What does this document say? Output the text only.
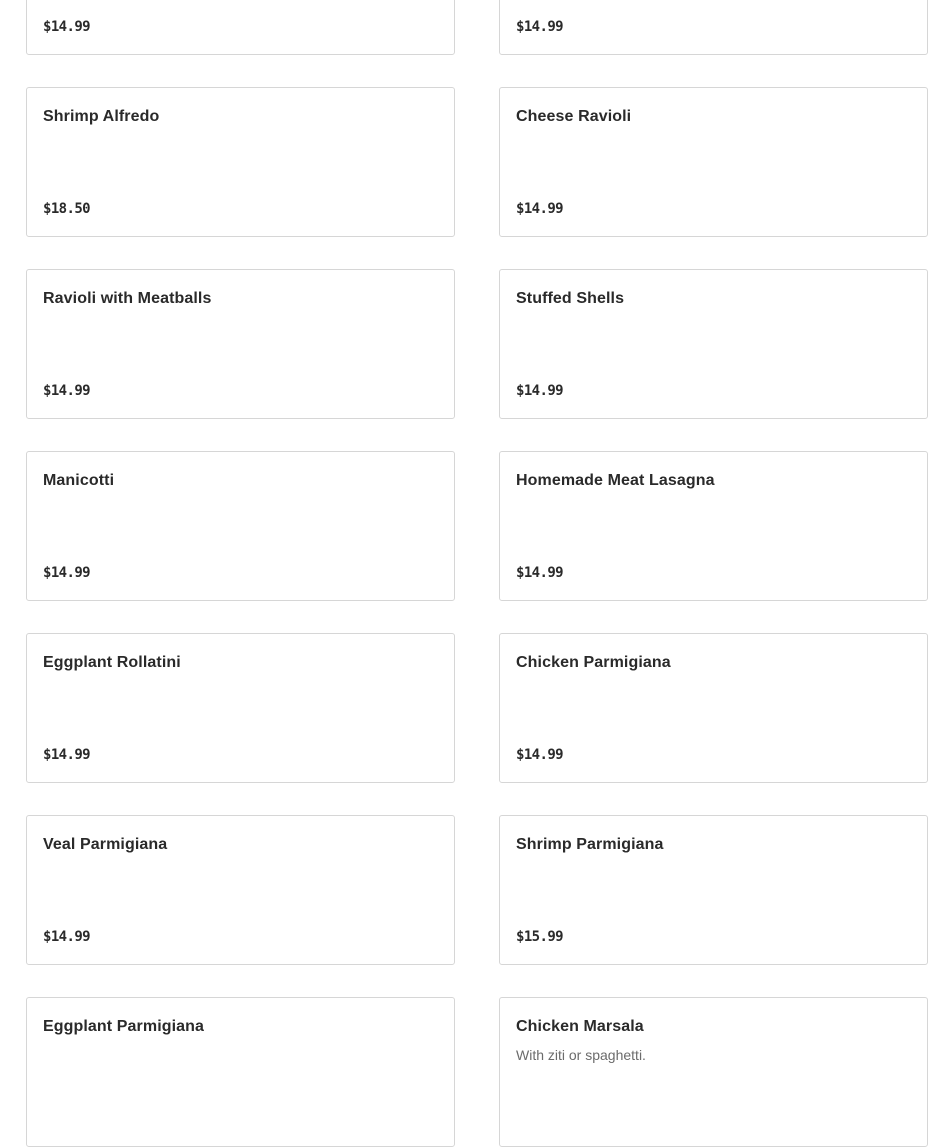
$14.99	$14.99
Shrimp Alfredo
$18.50
Cheese Ravioli
$14.99
Ravioli with Meatballs
$14.99
Stuffed Shells
$14.99
Manicotti
$14.99
Homemade Meat Lasagna
$14.99
Eggplant Rollatini
$14.99
Chicken Parmigiana
$14.99
Veal Parmigiana
$14.99
Shrimp Parmigiana
$15.99
Eggplant Parmigiana	Chicken Marsala
With ziti or spaghetti.
